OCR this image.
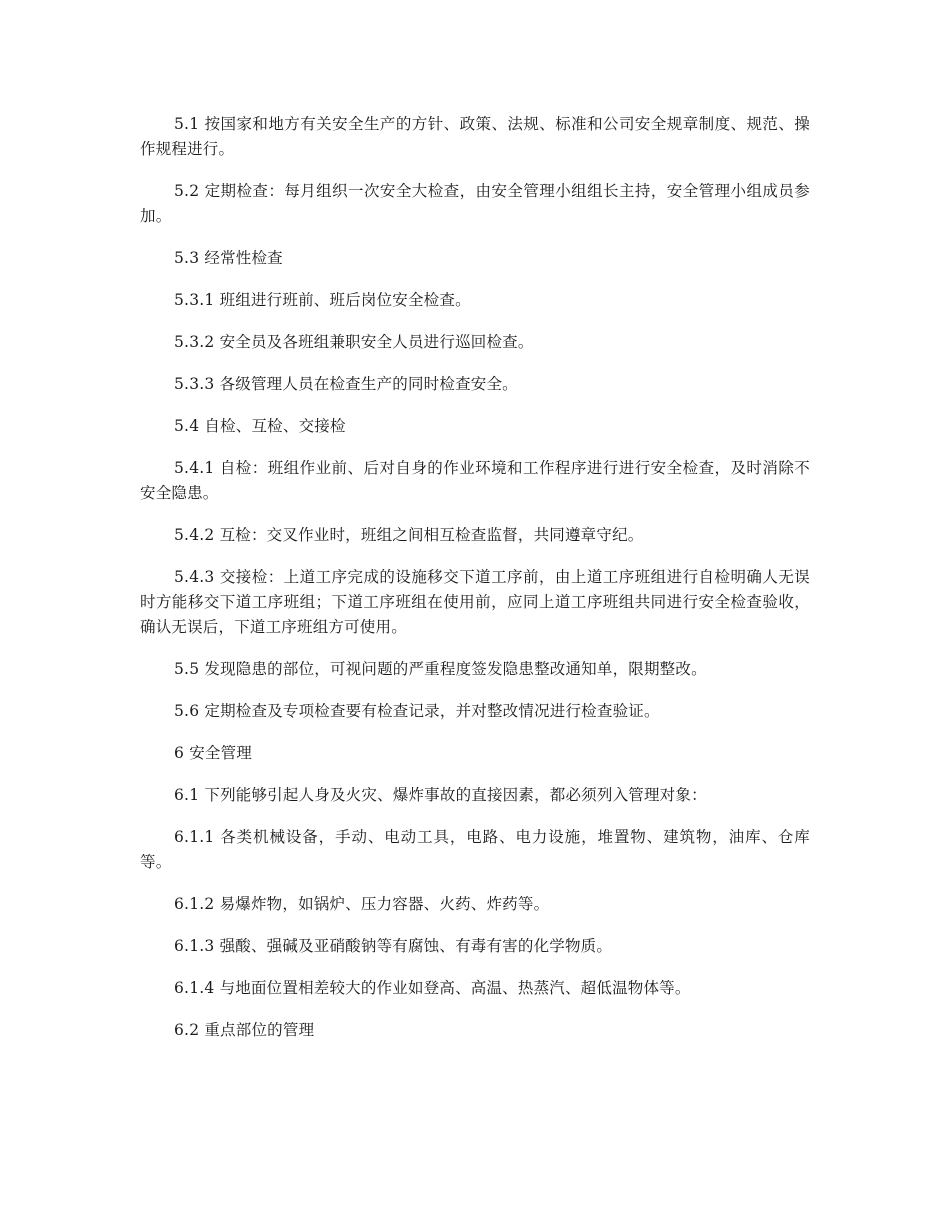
5.1 按国家和地方有关安全生产的方针、政策、法规、标准和公司安全规章制度、规范、操作规程进行。

5.2 定期检查：每月组织一次安全大检查，由安全管理小组组长主持，安全管理小组成员参加。

5.3 经常性检查

5.3.1 班组进行班前、班后岗位安全检查。

5.3.2 安全员及各班组兼职安全人员进行巡回检查。

5.3.3 各级管理人员在检查生产的同时检查安全。

5.4 自检、互检、交接检

5.4.1 自检：班组作业前、后对自身的作业环境和工作程序进行进行安全检查，及时消除不安全隐患。

5.4.2 互检：交叉作业时，班组之间相互检查监督，共同遵章守纪。

5.4.3 交接检：上道工序完成的设施移交下道工序前，由上道工序班组进行自检明确人无误时方能移交下道工序班组；下道工序班组在使用前，应同上道工序班组共同进行安全检查验收，确认无误后，下道工序班组方可使用。

5.5 发现隐患的部位，可视问题的严重程度签发隐患整改通知单，限期整改。

5.6 定期检查及专项检查要有检查记录，并对整改情况进行检查验证。

6 安全管理

6.1 下列能够引起人身及火灾、爆炸事故的直接因素，都必须列入管理对象：

6.1.1 各类机械设备，手动、电动工具，电路、电力设施，堆置物、建筑物，油库、仓库等。

6.1.2 易爆炸物，如锅炉、压力容器、火药、炸药等。

6.1.3 强酸、强碱及亚硝酸钠等有腐蚀、有毒有害的化学物质。

6.1.4 与地面位置相差较大的作业如登高、高温、热蒸汽、超低温物体等。

6.2 重点部位的管理
